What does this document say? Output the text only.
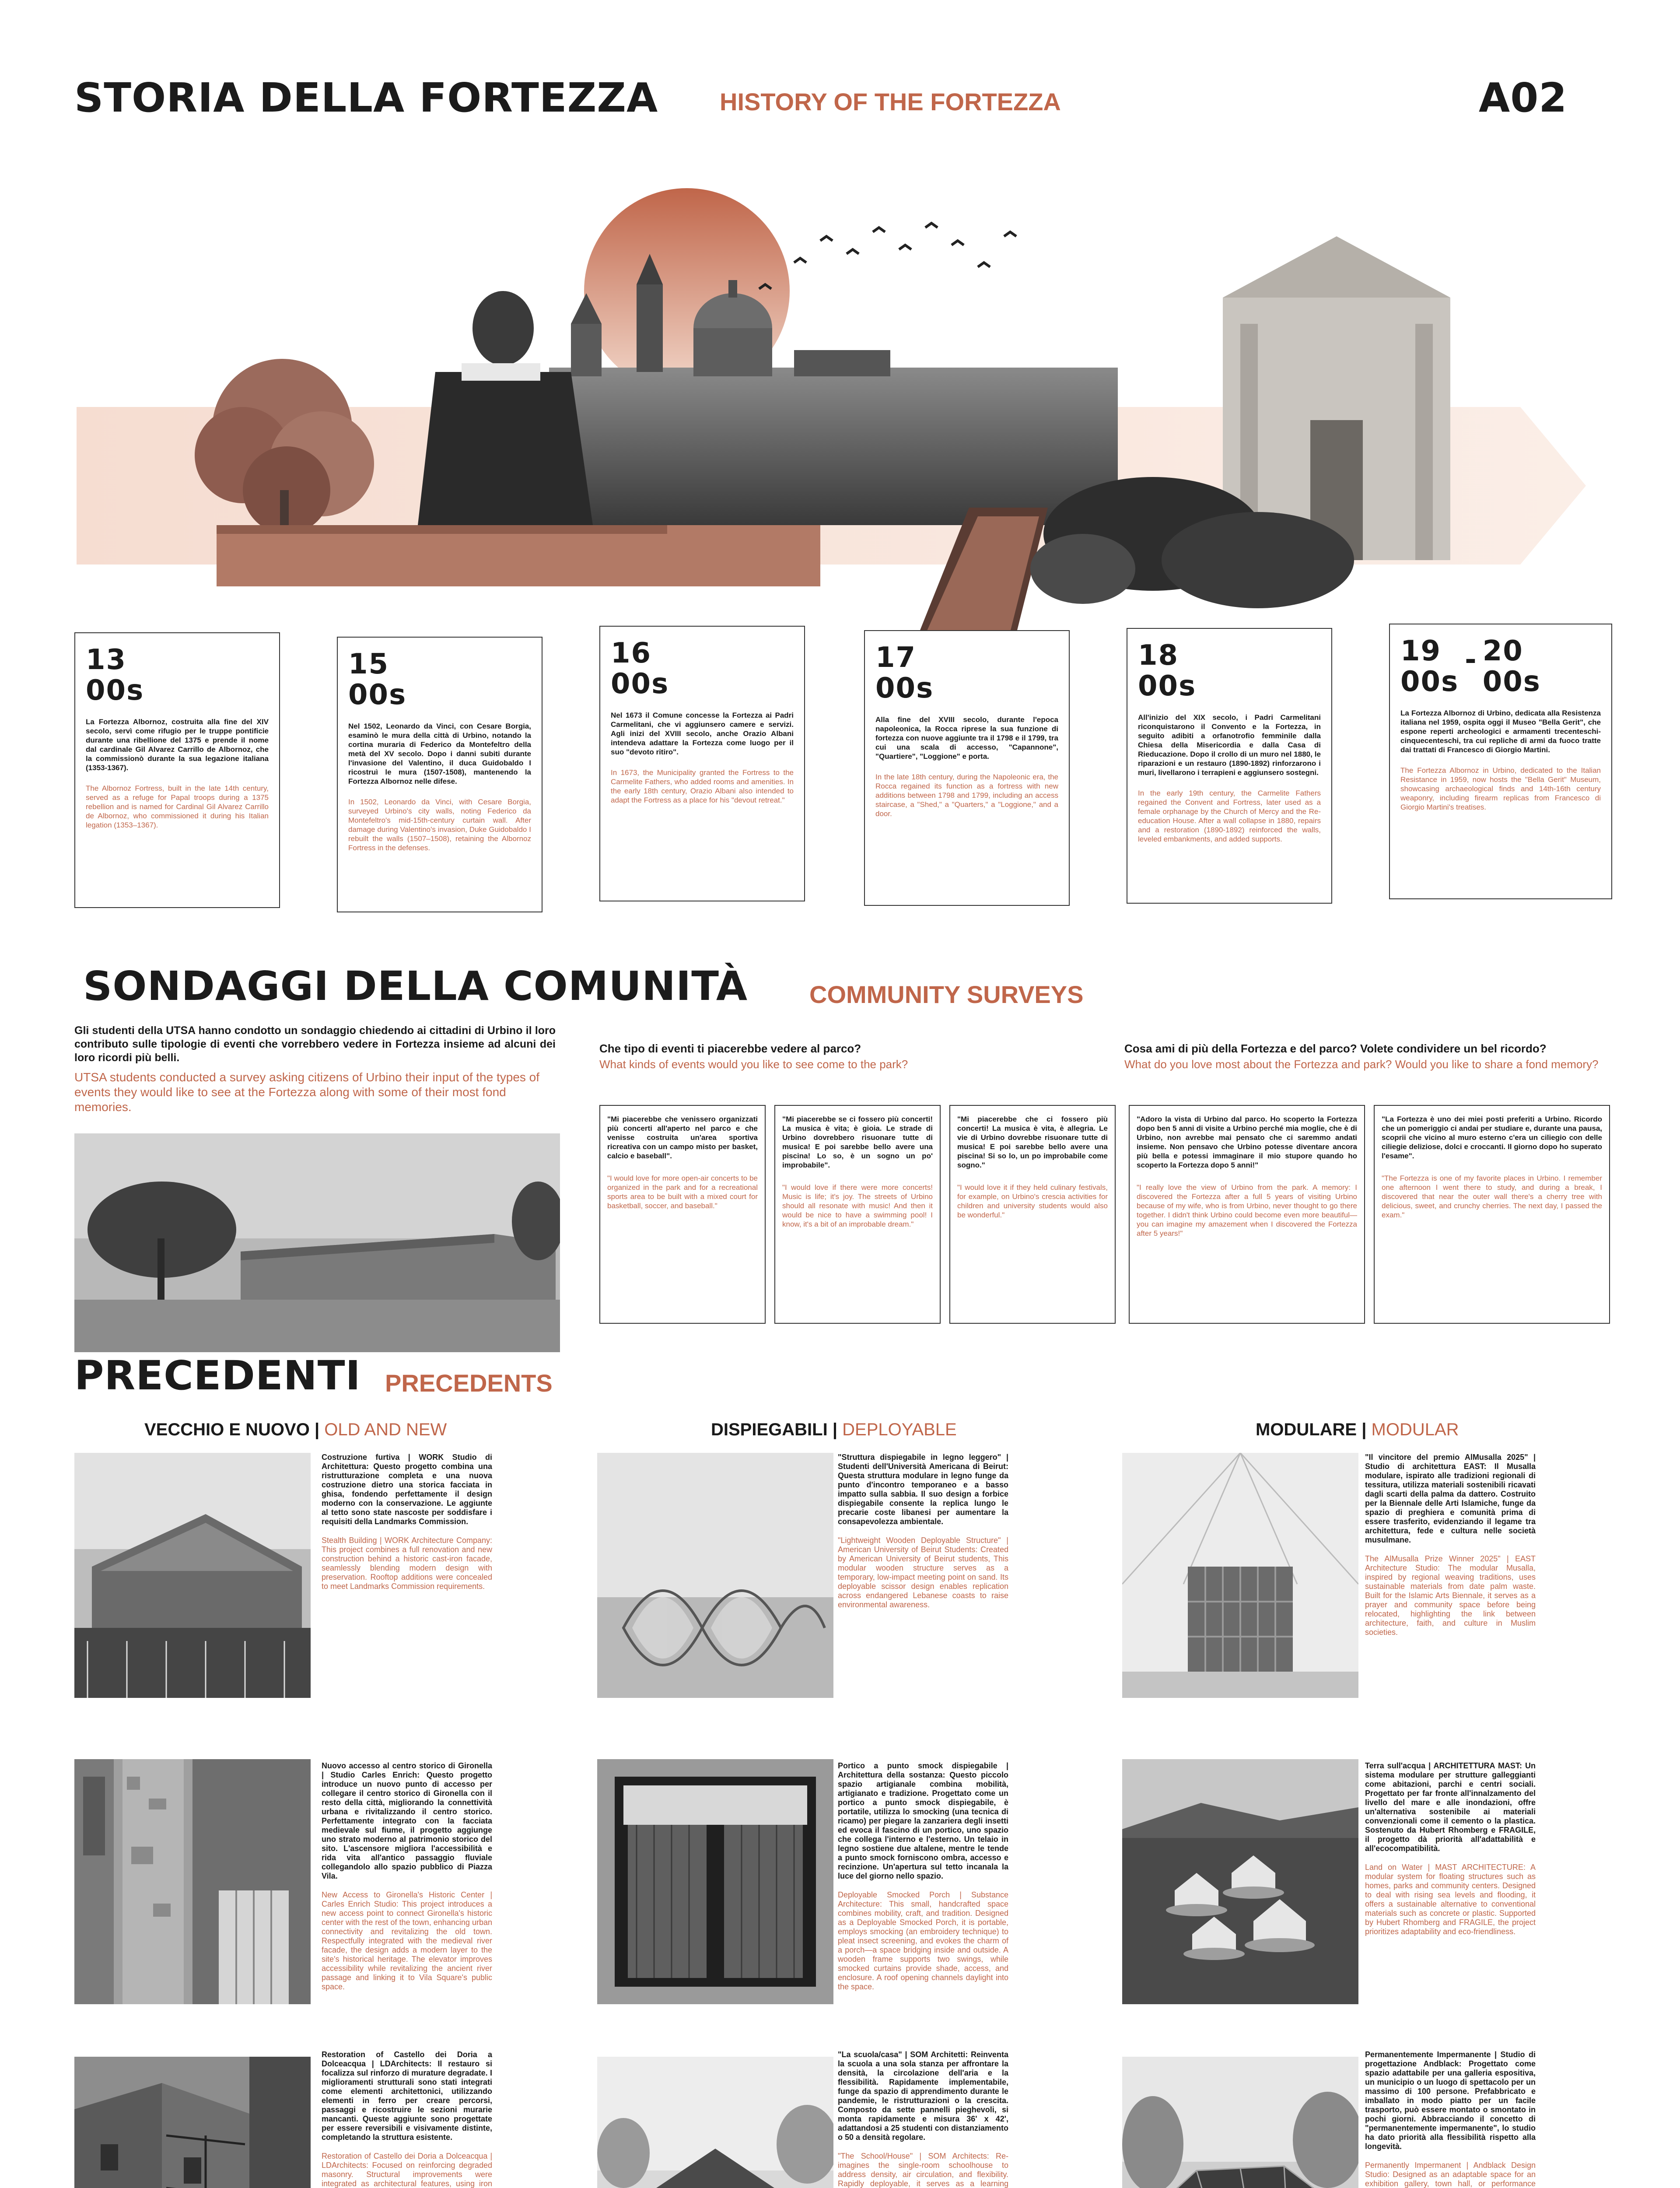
STORIA DELLA FORTEZZA	HISTORY OF THE FORTEZZA	A02
13
00s
La Fortezza Albornoz, costruita alla fine del XIV secolo, servì come rifugio per le truppe pontificie durante una ribellione del 1375 e prende il nome dal cardinale Gil Alvarez Carrillo de Albornoz, che la commissionò durante la sua legazione italiana (1353-1367).
The Albornoz Fortress, built in the late 14th century, served as a refuge for Papal troops during a 1375 rebellion and is named for Cardinal Gil Alvarez Carrillo de Albornoz, who commissioned it during his Italian legation (1353–1367).
15
00s
Nel 1502, Leonardo da Vinci, con Cesare Borgia, esaminò le mura della città di Urbino, notando la cortina muraria di Federico da Montefeltro della metà del XV secolo. Dopo i danni subiti durante l'invasione del Valentino, il duca Guidobaldo I ricostruì le mura (1507-1508), mantenendo la Fortezza Albornoz nelle difese.
In 1502, Leonardo da Vinci, with Cesare Borgia, surveyed Urbino's city walls, noting Federico da Montefeltro's mid-15th-century curtain wall. After damage during Valentino's invasion, Duke Guidobaldo I rebuilt the walls (1507–1508), retaining the Albornoz Fortress in the defenses.
16
00s
Nel 1673 il Comune concesse la Fortezza ai Padri Carmelitani, che vi aggiunsero camere e servizi. Agli inizi del XVIII secolo, anche Orazio Albani intendeva adattare la Fortezza come luogo per il suo "devoto ritiro".
In 1673, the Municipality granted the Fortress to the Carmelite Fathers, who added rooms and amenities. In the early 18th century, Orazio Albani also intended to adapt the Fortress as a place for his "devout retreat."
17
00s
Alla fine del XVIII secolo, durante l'epoca napoleonica, la Rocca riprese la sua funzione di fortezza con nuove aggiunte tra il 1798 e il 1799, tra cui una scala di accesso, "Capannone", "Quartiere", "Loggione" e porta.
In the late 18th century, during the Napoleonic era, the Rocca regained its function as a fortress with new additions between 1798 and 1799, including an access staircase, a "Shed," a "Quarters," a "Loggione," and a door.
18
00s
All'inizio del XIX secolo, i Padri Carmelitani riconquistarono il Convento e la Fortezza, in seguito adibiti a orfanotrofio femminile dalla Chiesa della Misericordia e dalla Casa di Rieducazione. Dopo il crollo di un muro nel 1880, le riparazioni e un restauro (1890-1892) rinforzarono i muri, livellarono i terrapieni e aggiunsero sostegni.
In the early 19th century, the Carmelite Fathers regained the Convent and Fortress, later used as a female orphanage by the Church of Mercy and the Re-education House. After a wall collapse in 1880, repairs and a restoration (1890-1892) reinforced the walls, leveled embankments, and added supports.
19
00s
- 20
00s
La Fortezza Albornoz di Urbino, dedicata alla Resistenza italiana nel 1959, ospita oggi il Museo "Bella Gerit", che espone reperti archeologici e armamenti trecenteschi-cinquecenteschi, tra cui repliche di armi da fuoco tratte dai trattati di Francesco di Giorgio Martini.
The Fortezza Albornoz in Urbino, dedicated to the Italian Resistance in 1959, now hosts the "Bella Gerit" Museum, showcasing archaeological finds and 14th-16th century weaponry, including firearm replicas from Francesco di Giorgio Martini's treatises.
SONDAGGI DELLA COMUNITÀ	COMMUNITY SURVEYS
Gli studenti della UTSA hanno condotto un sondaggio chiedendo ai cittadini di Urbino il loro contributo sulle tipologie di eventi che vorrebbero vedere in Fortezza insieme ad alcuni dei loro ricordi più belli.
UTSA students conducted a survey asking citizens of Urbino their input of the types of events they would like to see at the Fortezza along with some of their most fond memories.
Che tipo di eventi ti piacerebbe vedere al parco?
What kinds of events would you like to see come to the park?
Cosa ami di più della Fortezza e del parco? Volete condividere un bel ricordo?
What do you love most about the Fortezza and park? Would you like to share a fond memory?
"Mi piacerebbe che venissero organizzati più concerti all'aperto nel parco e che venisse costruita un'area sportiva ricreativa con un campo misto per basket, calcio e baseball".
"I would love for more open-air concerts to be organized in the park and for a recreational sports area to be built with a mixed court for basketball, soccer, and baseball."
"Mi piacerebbe se ci fossero più concerti! La musica è vita; è gioia. Le strade di Urbino dovrebbero risuonare tutte di musica! E poi sarebbe bello avere una piscina! Lo so, è un sogno un po' improbabile".
"I would love if there were more concerts! Music is life; it's joy. The streets of Urbino should all resonate with music! And then it would be nice to have a swimming pool! I know, it's a bit of an improbable dream."
"Mi piacerebbe che ci fossero più concerti! La musica è vita, è allegria. Le vie di Urbino dovrebbe risuonare tutte di musica! E poi sarebbe bello avere una piscina! Si so lo, un po improbabile come sogno."
"I would love it if they held culinary festivals, for example, on Urbino's crescia activities for children and university students would also be wonderful."
"Adoro la vista di Urbino dal parco. Ho scoperto la Fortezza dopo ben 5 anni di visite a Urbino perché mia moglie, che è di Urbino, non avrebbe mai pensato che ci saremmo andati insieme. Non pensavo che Urbino potesse diventare ancora più bella e potessi immaginare il mio stupore quando ho scoperto la Fortezza dopo 5 anni!"
"I really love the view of Urbino from the park. A memory: I discovered the Fortezza after a full 5 years of visiting Urbino because of my wife, who is from Urbino, never thought to go there together. I didn't think Urbino could become even more beautiful—you can imagine my amazement when I discovered the Fortezza after 5 years!"
"La Fortezza è uno dei miei posti preferiti a Urbino. Ricordo che un pomeriggio ci andai per studiare e, durante una pausa, scoprii che vicino al muro esterno c'era un ciliegio con delle ciliegie deliziose, dolci e croccanti. Il giorno dopo ho superato l'esame".
"The Fortezza is one of my favorite places in Urbino. I remember one afternoon I went there to study, and during a break, I discovered that near the outer wall there's a cherry tree with delicious, sweet, and crunchy cherries. The next day, I passed the exam."
PRECEDENTI PRECEDENTS
VECCHIO E NUOVO | OLD AND NEW	DISPIEGABILI | DEPLOYABLE	MODULARE | MODULAR
Costruzione furtiva | WORK Studio di Architettura: Questo progetto combina una ristrutturazione completa e una nuova costruzione dietro una storica facciata in ghisa, fondendo perfettamente il design moderno con la conservazione. Le aggiunte al tetto sono state nascoste per soddisfare i requisiti della Landmarks Commission.
Stealth Building | WORK Architecture Company: This project combines a full renovation and new construction behind a historic cast-iron facade, seamlessly blending modern design with preservation. Rooftop additions were concealed to meet Landmarks Commission requirements.
"Struttura dispiegabile in legno leggero" | Studenti dell'Università Americana di Beirut: Questa struttura modulare in legno funge da punto d'incontro temporaneo e a basso impatto sulla sabbia. Il suo design a forbice dispiegabile consente la replica lungo le precarie coste libanesi per aumentare la consapevolezza ambientale.
"Lightweight Wooden Deployable Structure" | American University of Beirut Students: Created by American University of Beirut students, This modular wooden structure serves as a temporary, low-impact meeting point on sand. Its deployable scissor design enables replication across endangered Lebanese coasts to raise environmental awareness.
"Il vincitore del premio AlMusalla 2025" | Studio di architettura EAST: Il Musalla modulare, ispirato alle tradizioni regionali di tessitura, utilizza materiali sostenibili ricavati dagli scarti della palma da dattero. Costruito per la Biennale delle Arti Islamiche, funge da spazio di preghiera e comunità prima di essere trasferito, evidenziando il legame tra architettura, fede e cultura nelle società musulmane.
The AlMusalla Prize Winner 2025" | EAST Architecture Studio: The modular Musalla, inspired by regional weaving traditions, uses sustainable materials from date palm waste. Built for the Islamic Arts Biennale, it serves as a prayer and community space before being relocated, highlighting the link between architecture, faith, and culture in Muslim societies.
Nuovo accesso al centro storico di Gironella | Studio Carles Enrich: Questo progetto introduce un nuovo punto di accesso per collegare il centro storico di Gironella con il resto della città, migliorando la connettività urbana e rivitalizzando il centro storico. Perfettamente integrato con la facciata medievale sul fiume, il progetto aggiunge uno strato moderno al patrimonio storico del sito. L'ascensore migliora l'accessibilità e rida vita all'antico passaggio fluviale collegandolo allo spazio pubblico di Piazza Vila.
New Access to Gironella's Historic Center | Carles Enrich Studio: This project introduces a new access point to connect Gironella's historic center with the rest of the town, enhancing urban connectivity and revitalizing the old town. Respectfully integrated with the medieval river facade, the design adds a modern layer to the site's historical heritage. The elevator improves accessibility while revitalizing the ancient river passage and linking it to Vila Square's public space.
Portico a punto smock dispiegabile | Architettura della sostanza: Questo piccolo spazio artigianale combina mobilità, artigianato e tradizione. Progettato come un portico a punto smock dispiegabile, è portatile, utilizza lo smocking (una tecnica di ricamo) per piegare la zanzariera degli insetti ed evoca il fascino di un portico, uno spazio che collega l'interno e l'esterno. Un telaio in legno sostiene due altalene, mentre le tende a punto smock forniscono ombra, accesso e recinzione. Un'apertura sul tetto incanala la luce del giorno nello spazio.
Deployable Smocked Porch | Substance Architecture: This small, handcrafted space combines mobility, craft, and tradition. Designed as a Deployable Smocked Porch, it is portable, employs smocking (an embroidery technique) to pleat insect screening, and evokes the charm of a porch—a space bridging inside and outside. A wooden frame supports two swings, while smocked curtains provide shade, access, and enclosure. A roof opening channels daylight into the space.
Terra sull'acqua | ARCHITETTURA MAST: Un sistema modulare per strutture galleggianti come abitazioni, parchi e centri sociali. Progettato per far fronte all'innalzamento del livello del mare e alle inondazioni, offre un'alternativa sostenibile ai materiali convenzionali come il cemento o la plastica. Sostenuto da Hubert Rhomberg e FRAGILE, il progetto dà priorità all'adattabilità e all'ecocompatibilità.
Land on Water | MAST ARCHITECTURE: A modular system for floating structures such as homes, parks and community centers. Designed to deal with rising sea levels and flooding, it offers a sustainable alternative to conventional materials such as concrete or plastic. Supported by Hubert Rhomberg and FRAGILE, the project prioritizes adaptability and eco-friendliness.
Restoration of Castello dei Doria a Dolceacqua | LDArchitects: Il restauro si focalizza sul rinforzo di murature degradate. I miglioramenti strutturali sono stati integrati come elementi architettonici, utilizzando elementi in ferro per creare percorsi, passaggi e ricostruire le sezioni murarie mancanti. Queste aggiunte sono progettate per essere reversibili e visivamente distinte, completando la struttura esistente.
Restoration of Castello dei Doria a Dolceacqua | LDArchitects: Focused on reinforcing degraded masonry. Structural improvements were integrated as architectural features, using iron
"La scuola/casa" | SOM Architetti: Reinventa la scuola a una sola stanza per affrontare la densità, la circolazione dell'aria e la flessibilità. Rapidamente implementabile, funge da spazio di apprendimento durante le pandemie, le ristrutturazioni o la crescita. Composto da sette pannelli pieghevoli, si monta rapidamente e misura 36' x 42', adattandosi a 25 studenti con distanziamento o 50 a densità regolare.
"The School/House" | SOM Architects: Re-imagines the single-room schoolhouse to address density, air circulation, and flexibility. Rapidly deployable, it serves as a learning
Permanentemente Impermanente | Studio di progettazione Andblack: Progettato come spazio adattabile per una galleria espositiva, un municipio o un luogo di spettacolo per un massimo di 100 persone. Prefabbricato e imballato in modo piatto per un facile trasporto, può essere montato o smontato in pochi giorni. Abbracciando il concetto di "permanentemente impermanente", lo studio ha dato priorità alla flessibilità rispetto alla longevità.
Permanently Impermanent | Andblack Design Studio: Designed as an adaptable space for an exhibition gallery, town hall, or performance
